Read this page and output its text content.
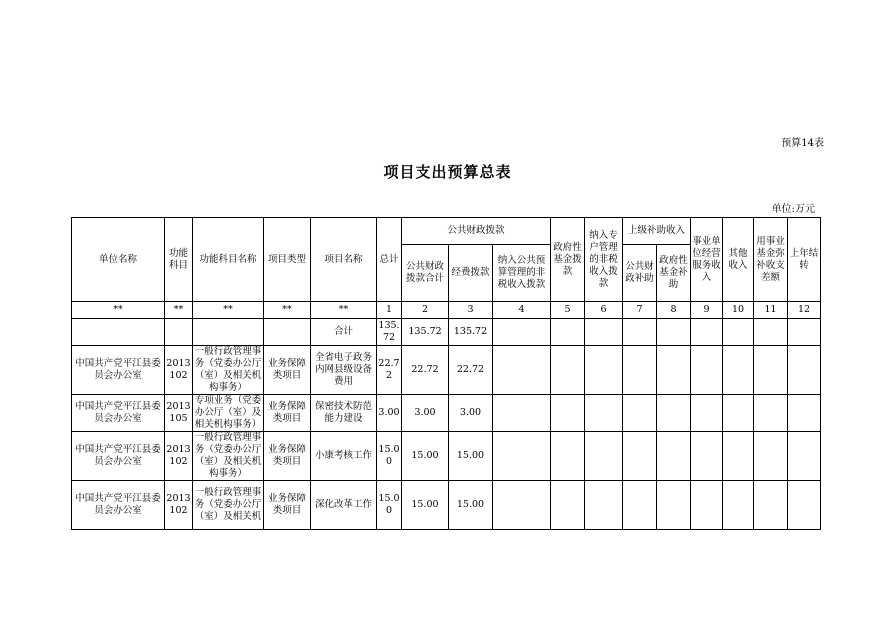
预算14表
项目支出预算总表
单位:万元
单位名称	功能科目	功能科目名称	项目类型	项目名称	总计	公共财政拨款			政府性基金拨款	纳入专户管理的非税收入拨款	上级补助收入		事业单位经营服务收入	其他收入	用事业基金弥补收支差额	上年结转
						公共财政拨款合计	经费拨款	纳入公共预算管理的非税收入拨款			公共财政补助	政府性基金补助				
**	**	**	**	**	1	2	3	4	5	6	7	8	9	10	11	12
				合计	135.72	135.72	135.72									
中国共产党平江县委员会办公室	2013102	一般行政管理事务（党委办公厅（室）及相关机构事务）	业务保障类项目	全省电子政务内网县级设备费用	22.72	22.72	22.72									
中国共产党平江县委员会办公室	2013105	专项业务（党委办公厅（室）及相关机构事务）	业务保障类项目	保密技术防范能力建设	3.00	3.00	3.00									
中国共产党平江县委员会办公室	2013102	一般行政管理事务（党委办公厅（室）及相关机构事务）	业务保障类项目	小康考核工作	15.00	15.00	15.00									
中国共产党平江县委员会办公室	2013102	一般行政管理事务（党委办公厅（室）及相关机	业务保障类项目	深化改革工作	15.00	15.00	15.00									
